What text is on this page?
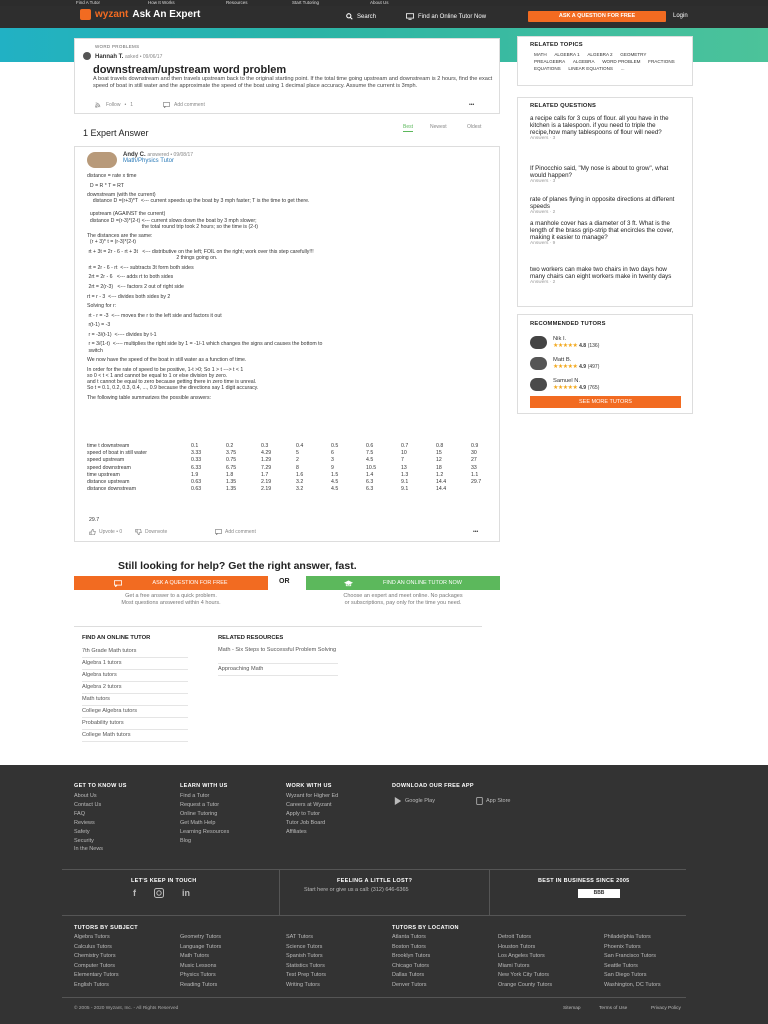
Find A Tutor	How It Works	Resources	Start Tutoring	About Us
wyzant Ask An Expert	Search	Find an Online Tutor Now	ASK A QUESTION FOR FREE	Login
WORD PROBLEMS
Hannah T. asked • 09/06/17
downstream/upstream word problem
A boat travels downstream and then travels upstream back to the original starting point. If the total time going upstream and downstream is 2 hours, find the exact speed of boat in still water and the approximate the speed of the boat using 1 decimal place accuracy. Assume the current is 3mph.
Follow • 1	Add comment	•••
1 Expert Answer
Best	Newest	Oldest
Andy C. answered • 09/08/17
Math/Physics Tutor
distance = rate x time
D = R * T = RT
downstream (with the current)
distance D =(r+3)*T  <--- current speeds up the boat by 3 mph faster; T is the time to get there.
upstream (AGAINST the current)
distance D =(r-3)*(2-t) <--- current slows down the boat by 3 mph slower;
the total round trip took 2 hours; so the time is (2-t)
The distances are the same:
(r + 3)* t = (r-3)*(2-t)
rt + 3t = 2r - 6 - rt + 3t   <--- distributive on the left; FOIL on the right; work over this step carefully!!!
2 things going on.
rt = 2r - 6 - rt  <--- subtracts 3t form both sides
2rt = 2r - 6   <--- adds rt to both sides
2rt = 2(r-3)   <--- factors 2 out of right side
rt = r - 3  <--- divides both sides by 2
Solving for r:
rt - r = -3  <--- moves the r to the left side and factors it out
r(t-1) = -3
r = -3/(t-1)  <---- divides by t-1
r = 3/(1-t)  <---- multiplies the right side by 1 = -1/-1 which changes the signs and causes the bottom to
switch
We now have the speed of the boat in still water as a function of time.
In order for the rate of speed to be positive, 1-t >0; So 1 > t ---> t < 1
so 0 < t < 1 and cannot be equal to 1 or else division by zero.
and t cannot be equal to zero because getting there in zero time is unreal.
So t = 0.1, 0.2, 0.3, 0.4, ..., 0.9 because the directions say 1 digit accuracy.
The following table summarizes the possible answers:
time t downstream	0.1	0.2	0.3	0.4	0.5	0.6	0.7	0.8	0.9
speed of boat in still water	3.33	3.75	4.29	5	6	7.5	10	15	30
speed upstream	0.33	0.75	1.29	2	3	4.5	7	12	27
speed downstream	6.33	6.75	7.29	8	9	10.5	13	18	33
time upstream	1.9	1.8	1.7	1.6	1.5	1.4	1.3	1.2	1.1
distance upstream	0.63	1.35	2.19	3.2	4.5	6.3	9.1	14.4	29.7
distance downstream	0.63	1.35	2.19	3.2	4.5	6.3	9.1	14.4
29.7
Upvote • 0	Downvote	Add comment	•••
Still looking for help? Get the right answer, fast.
ASK A QUESTION FOR FREE	OR	FIND AN ONLINE TUTOR NOW
Get a free answer to a quick problem.
Most questions answered within 4 hours.
Choose an expert and meet online. No packages
or subscriptions, pay only for the time you need.
FIND AN ONLINE TUTOR
7th Grade Math tutors
Algebra 1 tutors
Algebra tutors
Algebra 2 tutors
Math tutors
College Algebra tutors
Probability tutors
College Math tutors
RELATED RESOURCES
Math - Six Steps to Successful Problem Solving
Approaching Math
RELATED TOPICS
MATH ALGEBRA 1 ALGEBRA 2 GEOMETRY PREALGEBRA ALGEBRA WORD PROBLEM FRACTIONS EQUATIONS LINEAR EQUATIONS ...
RELATED QUESTIONS
a recipe calls for 3 cups of flour. all you have in the kitchen is a talespoon. if you need to triple the recipe,how many tablespoons of flour will need?
Answers · 3
If Pinocchio said, "My nose is about to grow", what would happen?
Answers · 3
rate of planes flying in opposite directions at different speeds
Answers · 2
a manhole cover has a diameter of 3 ft. What is the length of the brass grip-strip that encircles the cover, making it easier to manage?
Answers · 9
two workers can make two chairs in two days how many chairs can eight workers make in twenty days
Answers · 2
RECOMMENDED TUTORS
Nik I.
★★★★★ 4.8 (136)
Matt B.
★★★★★ 4.9 (497)
Samuel N.
★★★★★ 4.9 (765)
SEE MORE TUTORS
GET TO KNOW US
About Us
Contact Us
FAQ
Reviews
Safety
Security
In the News
LEARN WITH US
Find a Tutor
Request a Tutor
Online Tutoring
Get Math Help
Learning Resources
Blog
WORK WITH US
Wyzant for Higher Ed
Careers at Wyzant
Apply to Tutor
Tutor Job Board
Affiliates
DOWNLOAD OUR FREE APP
Google Play	App Store
LET'S KEEP IN TOUCH
f	in
FEELING A LITTLE LOST?
Start here or give us a call: (312) 646-6365
BEST IN BUSINESS SINCE 2005
BBB
TUTORS BY SUBJECT
Algebra Tutors
Calculus Tutors
Chemistry Tutors
Computer Tutors
Elementary Tutors
English Tutors
Geometry Tutors
Language Tutors
Math Tutors
Music Lessons
Physics Tutors
Reading Tutors
SAT Tutors
Science Tutors
Spanish Tutors
Statistics Tutors
Test Prep Tutors
Writing Tutors
TUTORS BY LOCATION
Atlanta Tutors
Boston Tutors
Brooklyn Tutors
Chicago Tutors
Dallas Tutors
Denver Tutors
Detroit Tutors
Houston Tutors
Los Angeles Tutors
Miami Tutors
New York City Tutors
Orange County Tutors
Philadelphia Tutors
Phoenix Tutors
San Francisco Tutors
Seattle Tutors
San Diego Tutors
Washington, DC Tutors
© 2005 - 2020 Wyzant, Inc. - All Rights Reserved	Sitemap	Terms of Use	Privacy Policy
